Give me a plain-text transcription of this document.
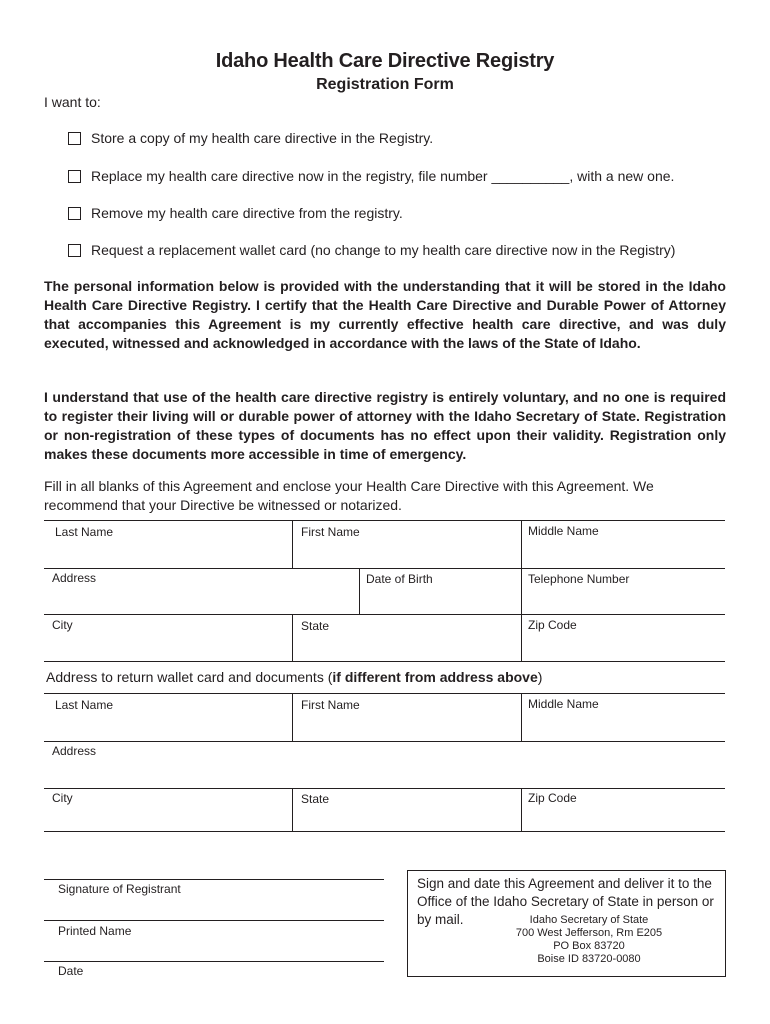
Idaho Health Care Directive Registry
Registration Form
I want to:
Store a copy of my health care directive in the Registry.
Replace my health care directive now in the registry, file number __________, with a new one.
Remove my health care directive from the registry.
Request a replacement wallet card (no change to my health care directive now in the Registry)
The personal information below is provided with the understanding that it will be stored in the Idaho Health Care Directive Registry. I certify that the Health Care Directive and Durable Power of Attorney that accompanies this Agreement is my currently effective health care directive, and was duly executed, witnessed and acknowledged in accordance with the laws of the State of Idaho.
I understand that use of the health care directive registry is entirely voluntary, and no one is required to register their living will or durable power of attorney with the Idaho Secretary of State. Registration or non-registration of these types of documents has no effect upon their validity. Registration only makes these documents more accessible in time of emergency.
Fill in all blanks of this Agreement and enclose your Health Care Directive with this Agreement. We recommend that your Directive be witnessed or notarized.
Last Name	First Name	Middle Name
Address	Date of Birth	Telephone Number
City	State	Zip Code
Address to return wallet card and documents (if different from address above)
Last Name	First Name	Middle Name
Address
City	State	Zip Code
Signature of Registrant
Printed Name
Date
Sign and date this Agreement and deliver it to the Office of the Idaho Secretary of State in person or by mail.	Idaho Secretary of State
700 West Jefferson, Rm E205
PO Box 83720
Boise ID 83720-0080
